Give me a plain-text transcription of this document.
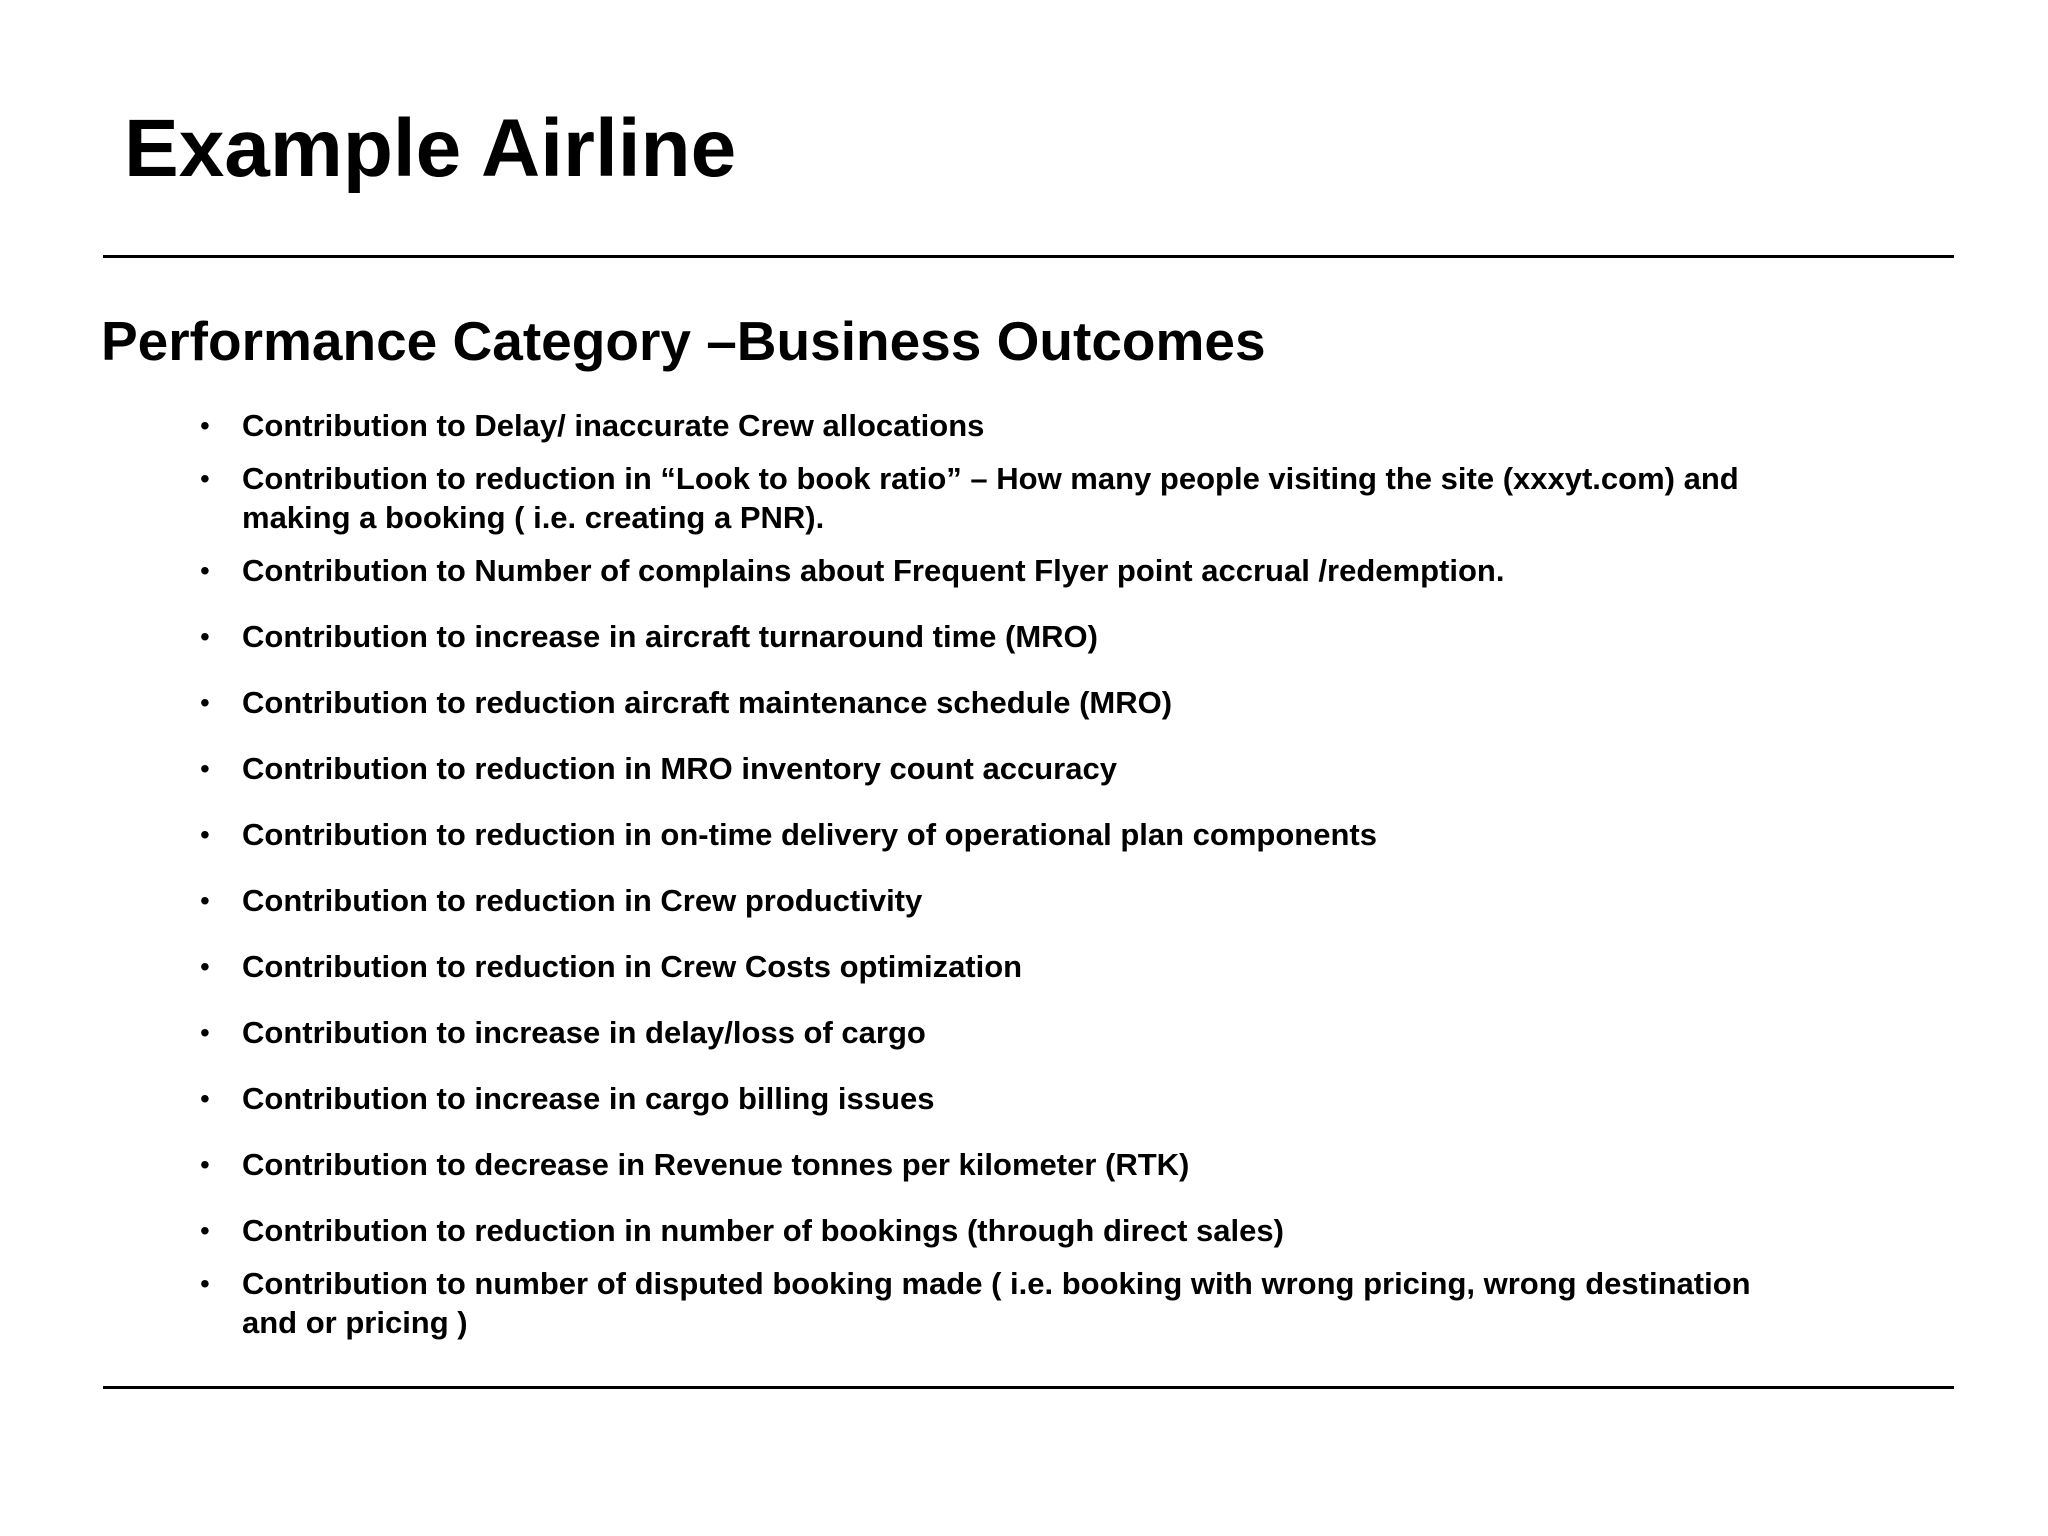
Example Airline
Performance Category –Business Outcomes
• Contribution to Delay/ inaccurate Crew allocations
• Contribution to reduction in “Look to book ratio” – How many people visiting the site (xxxyt.com) and making a booking ( i.e. creating a PNR).
• Contribution to Number of complains about Frequent Flyer point accrual /redemption.
• Contribution to increase in aircraft turnaround time (MRO)
• Contribution to reduction aircraft maintenance schedule (MRO)
• Contribution to reduction in MRO inventory count accuracy
• Contribution to reduction in on-time delivery of operational plan components
• Contribution to reduction in Crew productivity
• Contribution to reduction in Crew Costs optimization
• Contribution to increase in delay/loss of cargo
• Contribution to increase in cargo billing issues
• Contribution to decrease in Revenue tonnes per kilometer (RTK)
• Contribution to reduction in number of bookings (through direct sales)
• Contribution to number of disputed booking made ( i.e. booking with wrong pricing, wrong destination and or pricing )
